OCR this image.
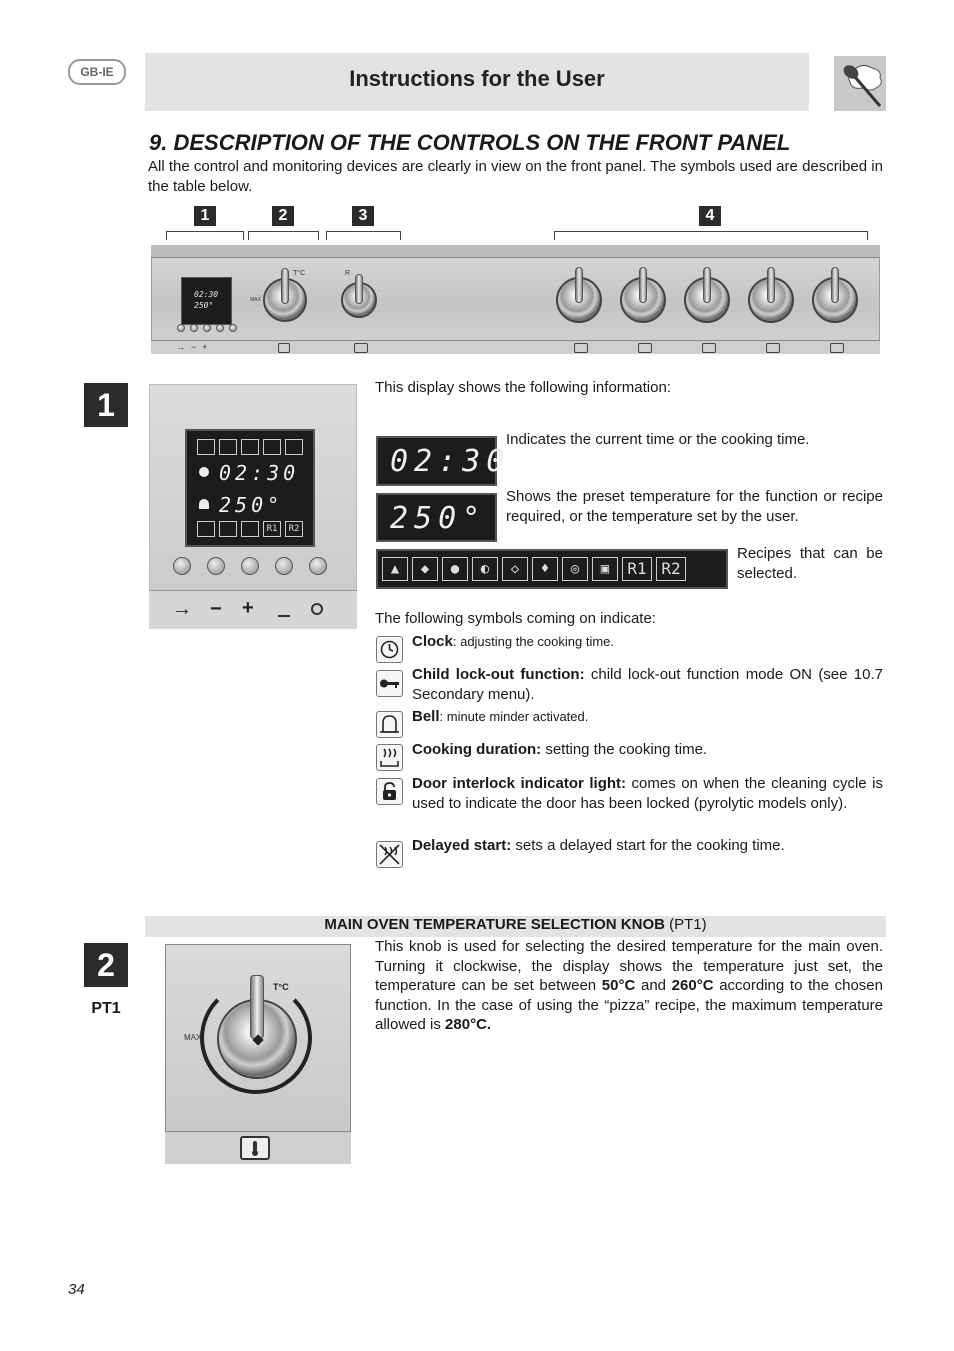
GB-IE	Instructions for the User
9. DESCRIPTION OF THE CONTROLS ON THE FRONT PANEL
All the control and monitoring devices are clearly in view on the front panel. The symbols used are described in the table below.
1	2	3	4
02:30
250°
→−+
T°C
MAX
R
1
02:30
250°
R1 R2
→ − +
This display shows the following information:
02:30
Indicates the current time or the cooking time.
250°
Shows the preset temperature for the function or recipe required, or the temperature set by the user.
▲ ◆ ● ◐ ◇ ♦ ◎ ▣ R1 R2
Recipes that can be selected.
The following symbols coming on indicate:
Clock: adjusting the cooking time.
Child lock-out function: child lock-out function mode ON (see 10.7 Secondary menu).
Bell: minute minder activated.
Cooking duration: setting the cooking time.
Door interlock indicator light: comes on when the cleaning cycle is used to indicate the door has been locked (pyrolytic models only).
Delayed start: sets a delayed start for the cooking time.
MAIN OVEN TEMPERATURE SELECTION KNOB (PT1)
2
PT1
T°C
MAX
This knob is used for selecting the desired temperature for the main oven. Turning it clockwise, the display shows the temperature just set, the temperature can be set between 50°C and 260°C according to the chosen function. In the case of using the “pizza” recipe, the maximum temperature allowed is 280°C.
34
